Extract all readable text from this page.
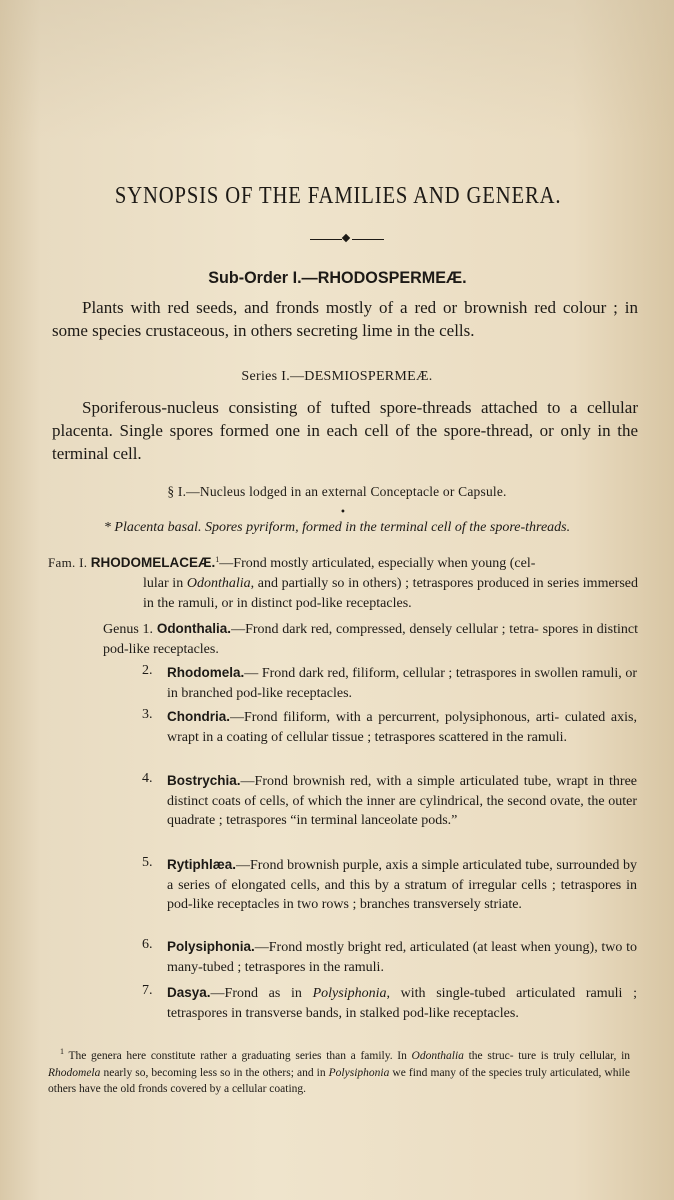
SYNOPSIS OF THE FAMILIES AND GENERA.
Sub-Order I.—RHODOSPERMEÆ.
Plants with red seeds, and fronds mostly of a red or brownish red colour ; in some species crustaceous, in others secreting lime in the cells.
Series I.—DESMIOSPERMEÆ.
Sporiferous-nucleus consisting of tufted spore-threads attached to a cellular placenta. Single spores formed one in each cell of the spore-thread, or only in the terminal cell.
§ I.—Nucleus lodged in an external Conceptacle or Capsule.
•
* Placenta basal. Spores pyriform, formed in the terminal cell of the spore-threads.
Fam. I. RHODOMELACEÆ.$^1$—Frond mostly articulated, especially when young (cel-
lular in Odonthalia, and partially so in others) ; tetraspores produced in series immersed in the ramuli, or in distinct pod-like receptacles.
Genus 1. Odonthalia.—Frond dark red, compressed, densely cellular ; tetra- spores in distinct pod-like receptacles.
2.	Rhodomela.— Frond dark red, filiform, cellular ; tetraspores in swollen ramuli, or in branched pod-like receptacles.
3.	Chondria.—Frond filiform, with a percurrent, polysiphonous, arti- culated axis, wrapt in a coating of cellular tissue ; tetraspores scattered in the ramuli.
4.	Bostrychia.—Frond brownish red, with a simple articulated tube, wrapt in three distinct coats of cells, of which the inner are cylindrical, the second ovate, the outer quadrate ; tetraspores “in terminal lanceolate pods.”
5.	Rytiphlæa.—Frond brownish purple, axis a simple articulated tube, surrounded by a series of elongated cells, and this by a stratum of irregular cells ; tetraspores in pod-like receptacles in two rows ; branches transversely striate.
6.	Polysiphonia.—Frond mostly bright red, articulated (at least when young), two to many-tubed ; tetraspores in the ramuli.
7.	Dasya.—Frond as in Polysiphonia, with single-tubed articulated ramuli ; tetraspores in transverse bands, in stalked pod-like receptacles.
$^1$ The genera here constitute rather a graduating series than a family. In Odonthalia the struc- ture is truly cellular, in Rhodomela nearly so, becoming less so in the others; and in Polysiphonia we find many of the species truly articulated, while others have the old fronds covered by a cellular coating.
